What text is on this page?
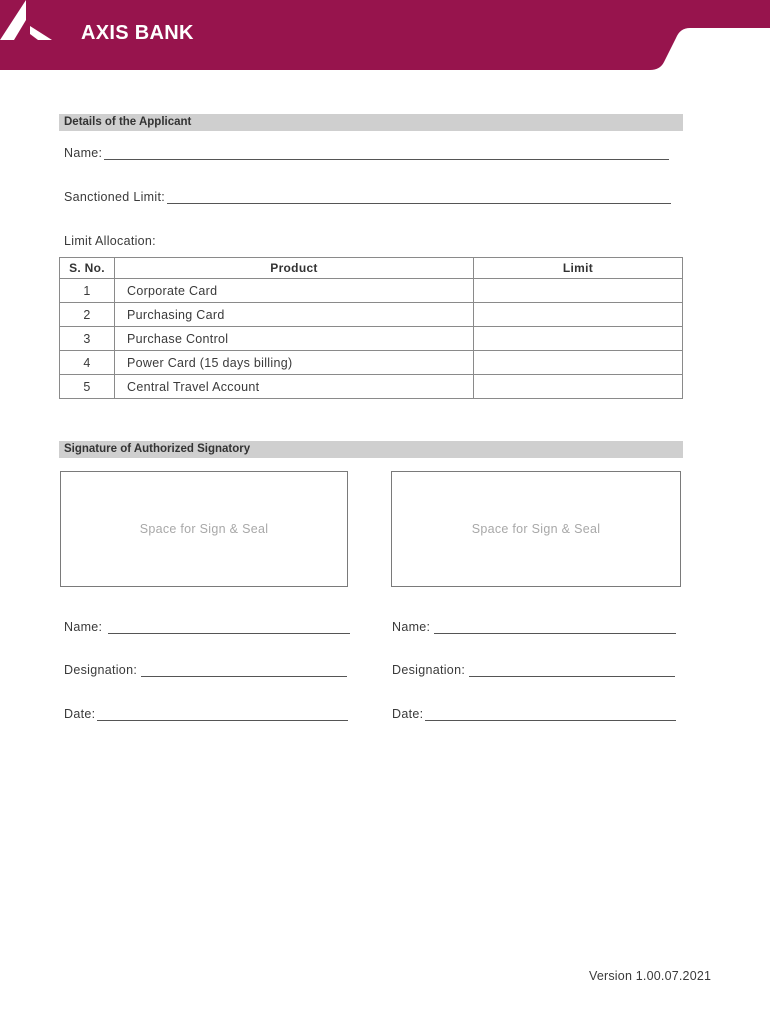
AXIS BANK
Details of the Applicant
Name:
Sanctioned Limit:
Limit Allocation:
S. No.	Product	Limit
1	Corporate Card	
2	Purchasing Card	
3	Purchase Control	
4	Power Card (15 days billing)	
5	Central Travel Account	
Signature of Authorized Signatory
Space for Sign & Seal	Space for Sign & Seal
Name:
Designation:
Date:
Name:
Designation:
Date:
Version 1.00.07.2021
